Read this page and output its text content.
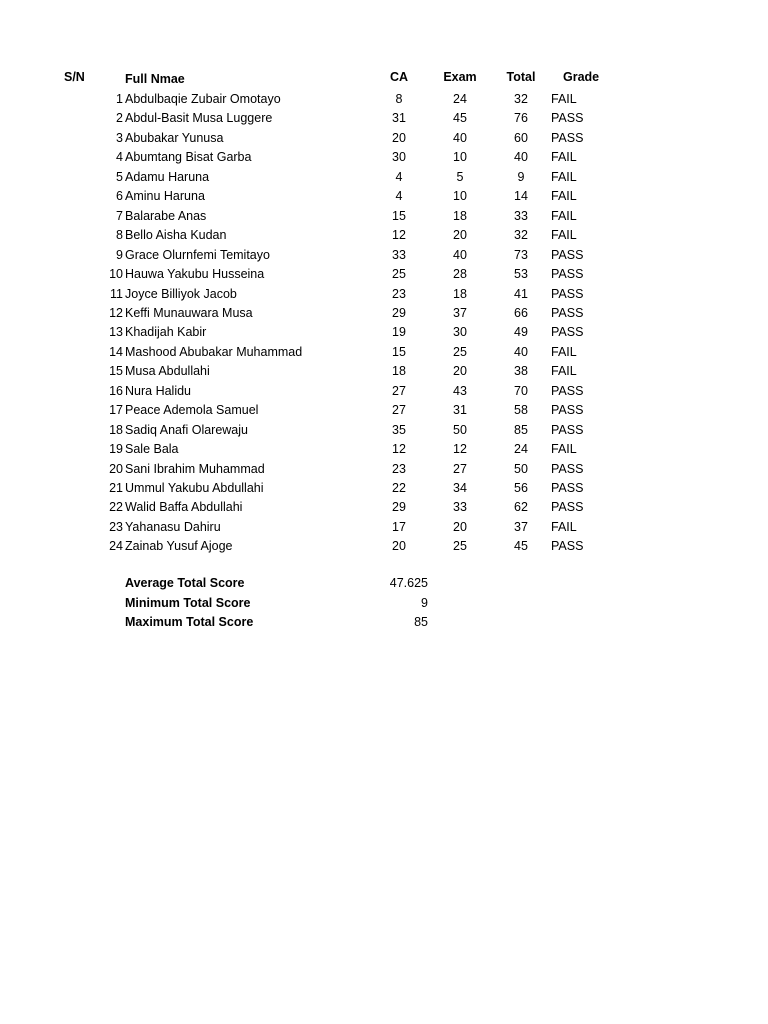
S/N	Full Nmae	CA	Exam	Total	Grade
1 Abdulbaqie Zubair Omotayo	8	24	32	FAIL
2 Abdul-Basit Musa Luggere	31	45	76	PASS
3 Abubakar Yunusa	20	40	60	PASS
4 Abumtang Bisat Garba	30	10	40	FAIL
5 Adamu Haruna	4	5	9	FAIL
6 Aminu Haruna	4	10	14	FAIL
7 Balarabe Anas	15	18	33	FAIL
8 Bello Aisha Kudan	12	20	32	FAIL
9 Grace Olurnfemi Temitayo	33	40	73	PASS
10 Hauwa Yakubu Husseina	25	28	53	PASS
11 Joyce Billiyok Jacob	23	18	41	PASS
12 Keffi Munauwara Musa	29	37	66	PASS
13 Khadijah Kabir	19	30	49	PASS
14 Mashood Abubakar Muhammad	15	25	40	FAIL
15 Musa Abdullahi	18	20	38	FAIL
16 Nura Halidu	27	43	70	PASS
17 Peace Ademola Samuel	27	31	58	PASS
18 Sadiq Anafi Olarewaju	35	50	85	PASS
19 Sale Bala	12	12	24	FAIL
20 Sani Ibrahim Muhammad	23	27	50	PASS
21 Ummul Yakubu Abdullahi	22	34	56	PASS
22 Walid Baffa Abdullahi	29	33	62	PASS
23 Yahanasu Dahiru	17	20	37	FAIL
24 Zainab Yusuf Ajoge	20	25	45	PASS
Average Total Score	47.625
Minimum Total Score	9
Maximum Total Score	85
